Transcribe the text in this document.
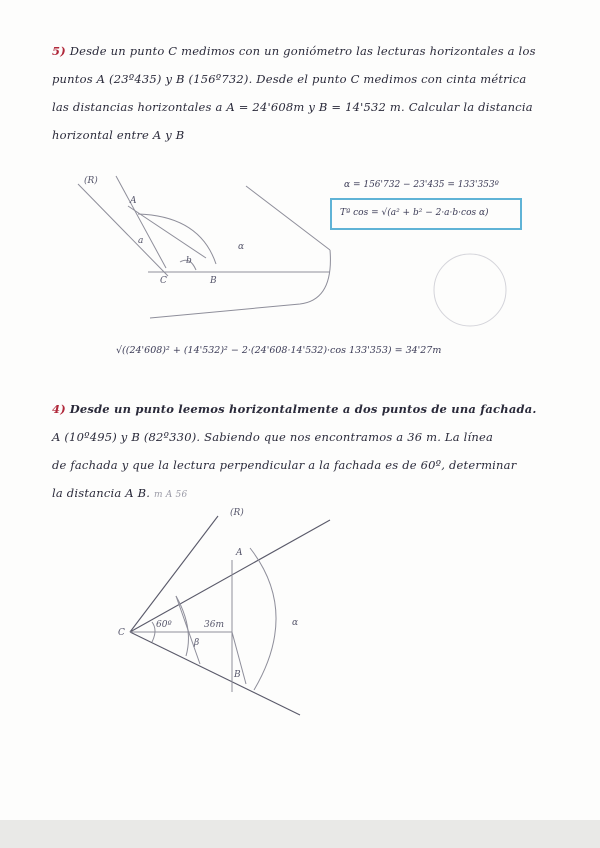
5) Desde un punto C medimos con un goniómetro las lecturas horizontales a los
puntos A (23º435) y B (156º732). Desde el punto C medimos con cinta métrica
las distancias horizontales a A = 24'608m y B = 14'532 m. Calcular la distancia
horizontal entre A y B
(R)
A
C	B
α
a
b
α = 156'732 − 23'435 = 133'353º
Tª cos = √(a² + b² − 2·a·b·cos α)
√((24'608)² + (14'532)² − 2·(24'608·14'532)·cos 133'353) = 34'27m
4) Desde un punto leemos horizontalmente a dos puntos de una fachada.
A (10º495) y B (82º330). Sabiendo que nos encontramos a 36 m. La línea
de fachada y que la lectura perpendicular a la fachada es de 60º, determinar
la distancia A B. m A 56
(R)
A
C
B
α
60º	36m
β
